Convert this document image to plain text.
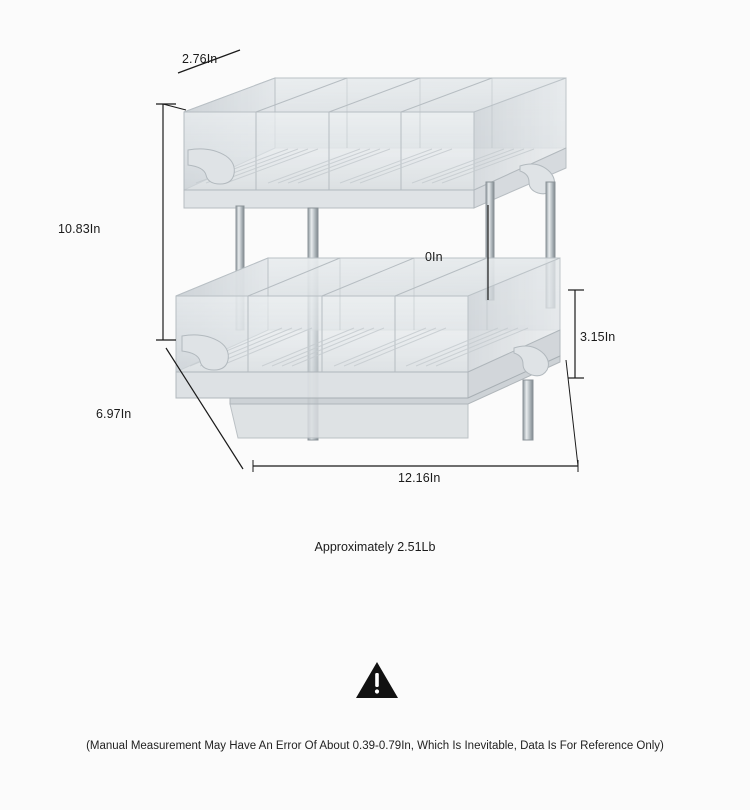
2.76In
10.83In
0In
3.15In
6.97In
12.16In
Approximately 2.51Lb
(Manual Measurement May Have An Error Of About 0.39-0.79In, Which Is Inevitable, Data Is For Reference Only)
